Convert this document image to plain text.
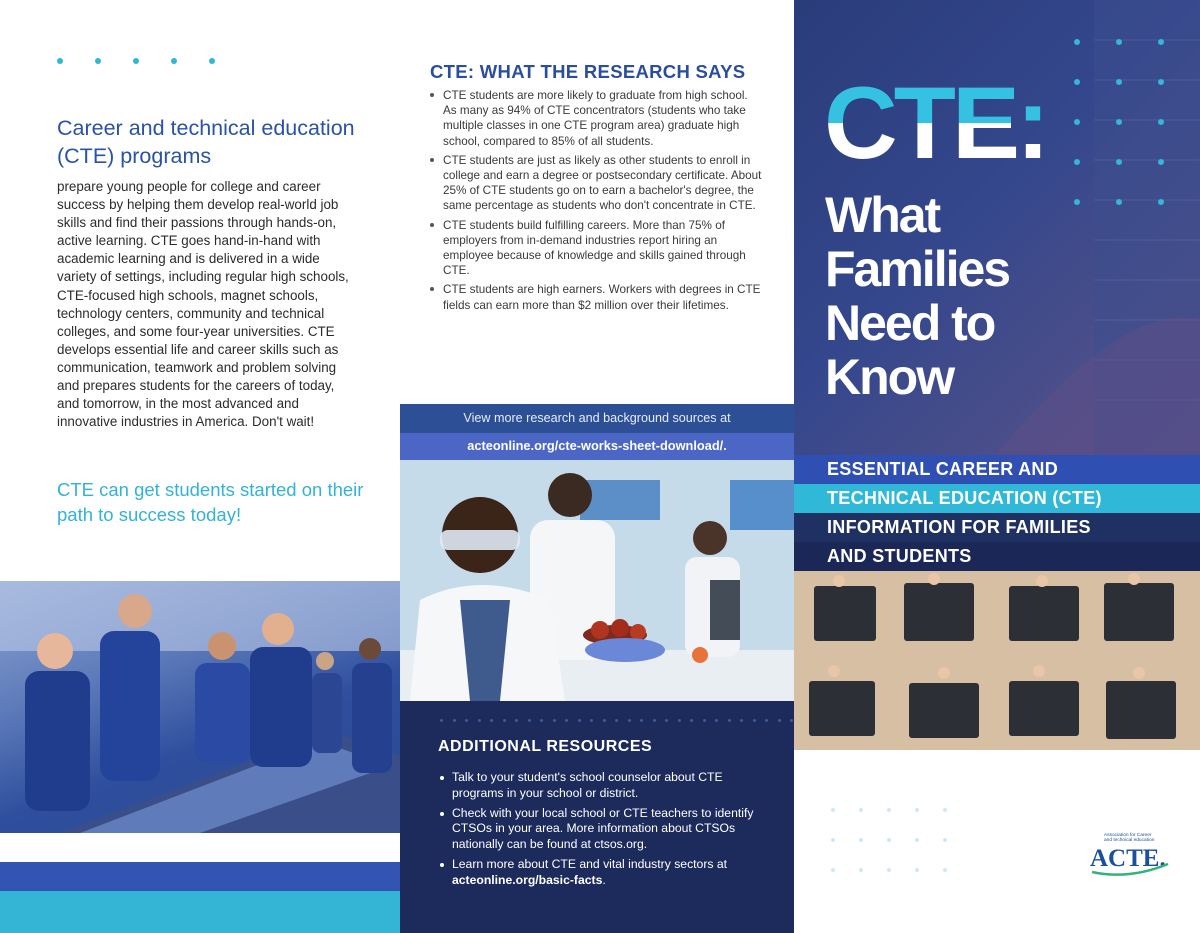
Career and technical education (CTE) programs

prepare young people for college and career success by helping them develop real-world job skills and find their passions through hands-on, active learning. CTE goes hand-in-hand with academic learning and is delivered in a wide variety of settings, including regular high schools, CTE-focused high schools, magnet schools, technology centers, community and technical colleges, and some four-year universities. CTE develops essential life and career skills such as communication, teamwork and problem solving and prepares students for the careers of today, and tomorrow, in the most advanced and innovative industries in America. Don't wait!

CTE can get students started on their path to success today!

CTE: WHAT THE RESEARCH SAYS
CTE students are more likely to graduate from high school. As many as 94% of CTE concentrators (students who take multiple classes in one CTE program area) graduate high school, compared to 85% of all students.
CTE students are just as likely as other students to enroll in college and earn a degree or postsecondary certificate. About 25% of CTE students go on to earn a bachelor's degree, the same percentage as students who don't concentrate in CTE.
CTE students build fulfilling careers. More than 75% of employers from in-demand industries report hiring an employee because of knowledge and skills gained through CTE.
CTE students are high earners. Workers with degrees in CTE fields can earn more than $2 million over their lifetimes.
View more research and background sources at
acteonline.org/cte-works-sheet-download/.
ADDITIONAL RESOURCES
Talk to your student's school counselor about CTE programs in your school or district.
Check with your local school or CTE teachers to identify CTSOs in your area. More information about CTSOs nationally can be found at ctsos.org.
Learn more about CTE and vital industry sectors at acteonline.org/basic-facts.
CTE:
What
Families
Need to
Know
ESSENTIAL CAREER AND
TECHNICAL EDUCATION (CTE)
INFORMATION FOR FAMILIES
AND STUDENTS
Association for Career
and technical education
ACTE.
